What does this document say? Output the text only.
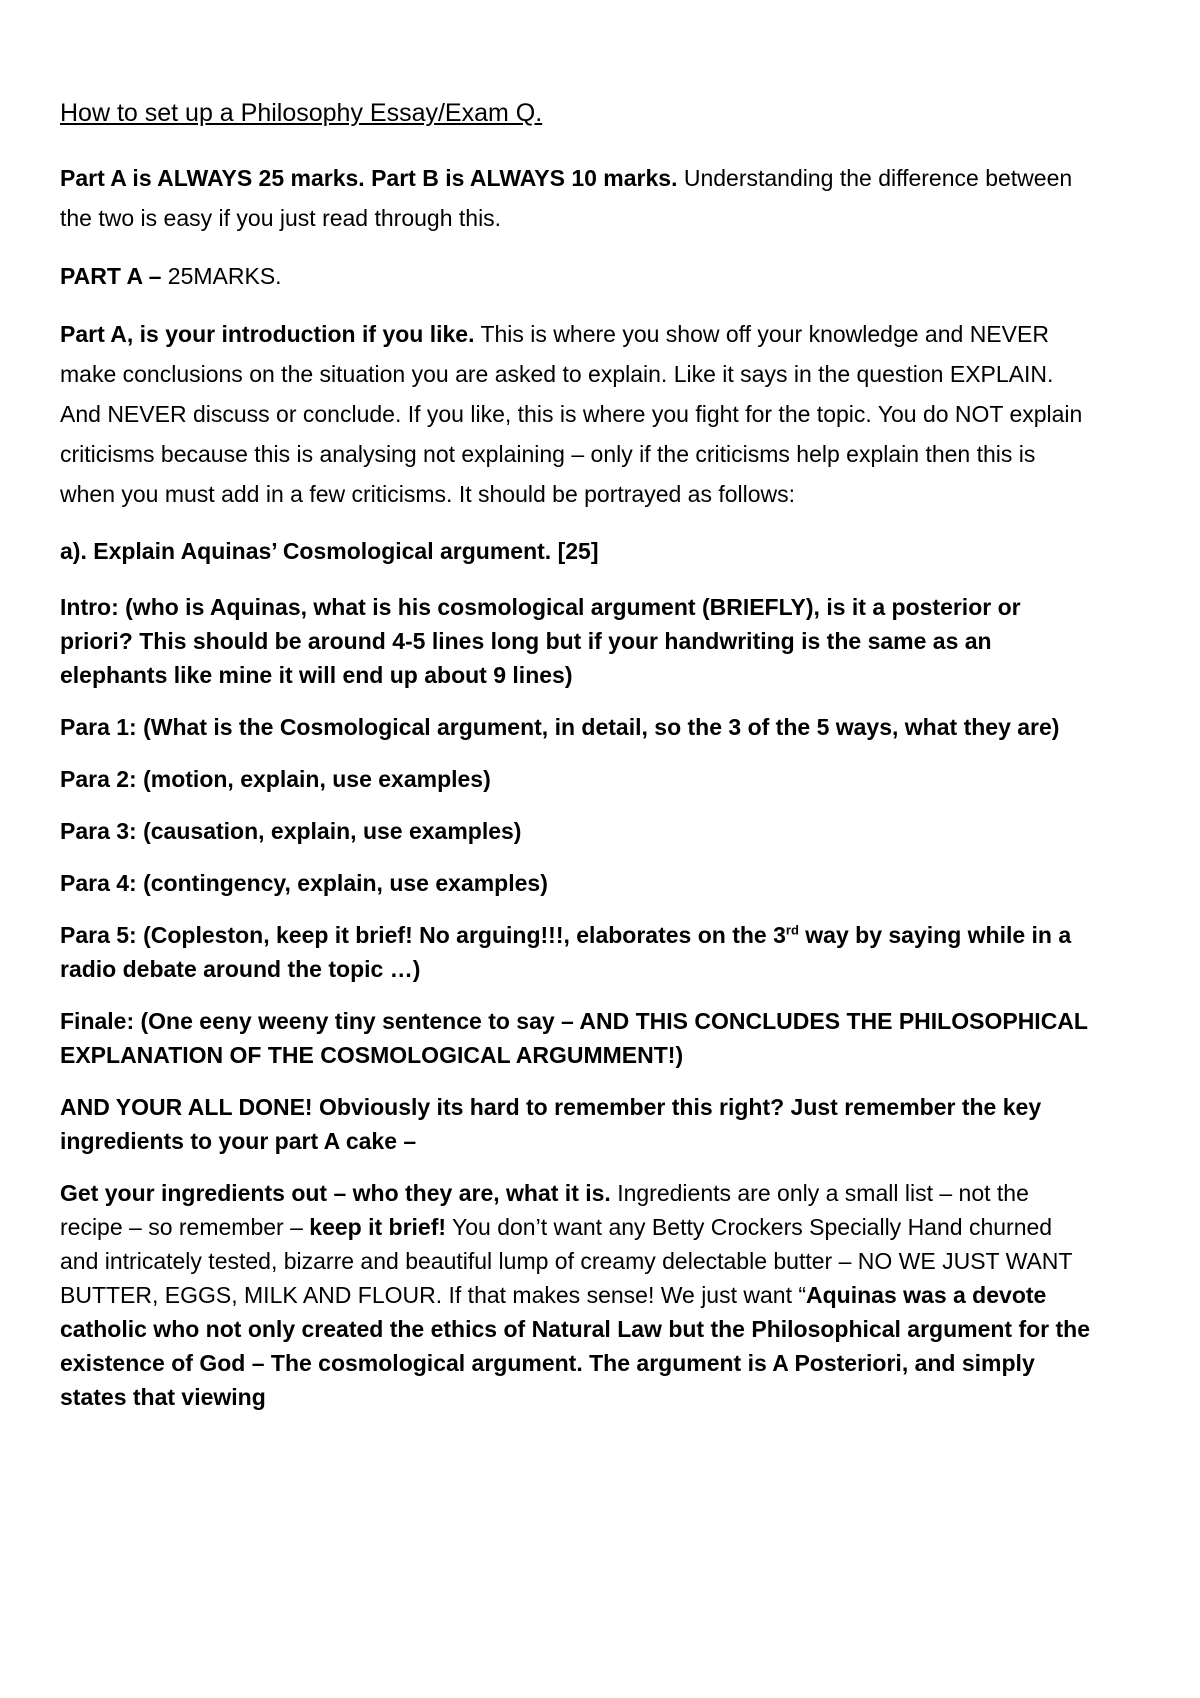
How to set up a Philosophy Essay/Exam Q.

Part A is ALWAYS 25 marks. Part B is ALWAYS 10 marks. Understanding the difference between the two is easy if you just read through this.

PART A – 25MARKS.

Part A, is your introduction if you like. This is where you show off your knowledge and NEVER make conclusions on the situation you are asked to explain. Like it says in the question EXPLAIN. And NEVER discuss or conclude. If you like, this is where you fight for the topic. You do NOT explain criticisms because this is analysing not explaining – only if the criticisms help explain then this is when you must add in a few criticisms. It should be portrayed as follows:

a). Explain Aquinas’ Cosmological argument. [25]

Intro: (who is Aquinas, what is his cosmological argument (BRIEFLY), is it a posterior or priori? This should be around 4-5 lines long but if your handwriting is the same as an elephants like mine it will end up about 9 lines)

Para 1: (What is the Cosmological argument, in detail, so the 3 of the 5 ways, what they are)

Para 2: (motion, explain, use examples)

Para 3: (causation, explain, use examples)

Para 4: (contingency, explain, use examples)

Para 5: (Copleston, keep it brief! No arguing!!!, elaborates on the 3rd way by saying while in a radio debate around the topic …)

Finale: (One eeny weeny tiny sentence to say – AND THIS CONCLUDES THE PHILOSOPHICAL EXPLANATION OF THE COSMOLOGICAL ARGUMMENT!)

AND YOUR ALL DONE! Obviously its hard to remember this right? Just remember the key ingredients to your part A cake –

Get your ingredients out – who they are, what it is. Ingredients are only a small list – not the recipe – so remember – keep it brief! You don’t want any Betty Crockers Specially Hand churned and intricately tested, bizarre and beautiful lump of creamy delectable butter – NO WE JUST WANT BUTTER, EGGS, MILK AND FLOUR. If that makes sense! We just want “Aquinas was a devote catholic who not only created the ethics of Natural Law but the Philosophical argument for the existence of God – The cosmological argument. The argument is A Posteriori, and simply states that viewing
